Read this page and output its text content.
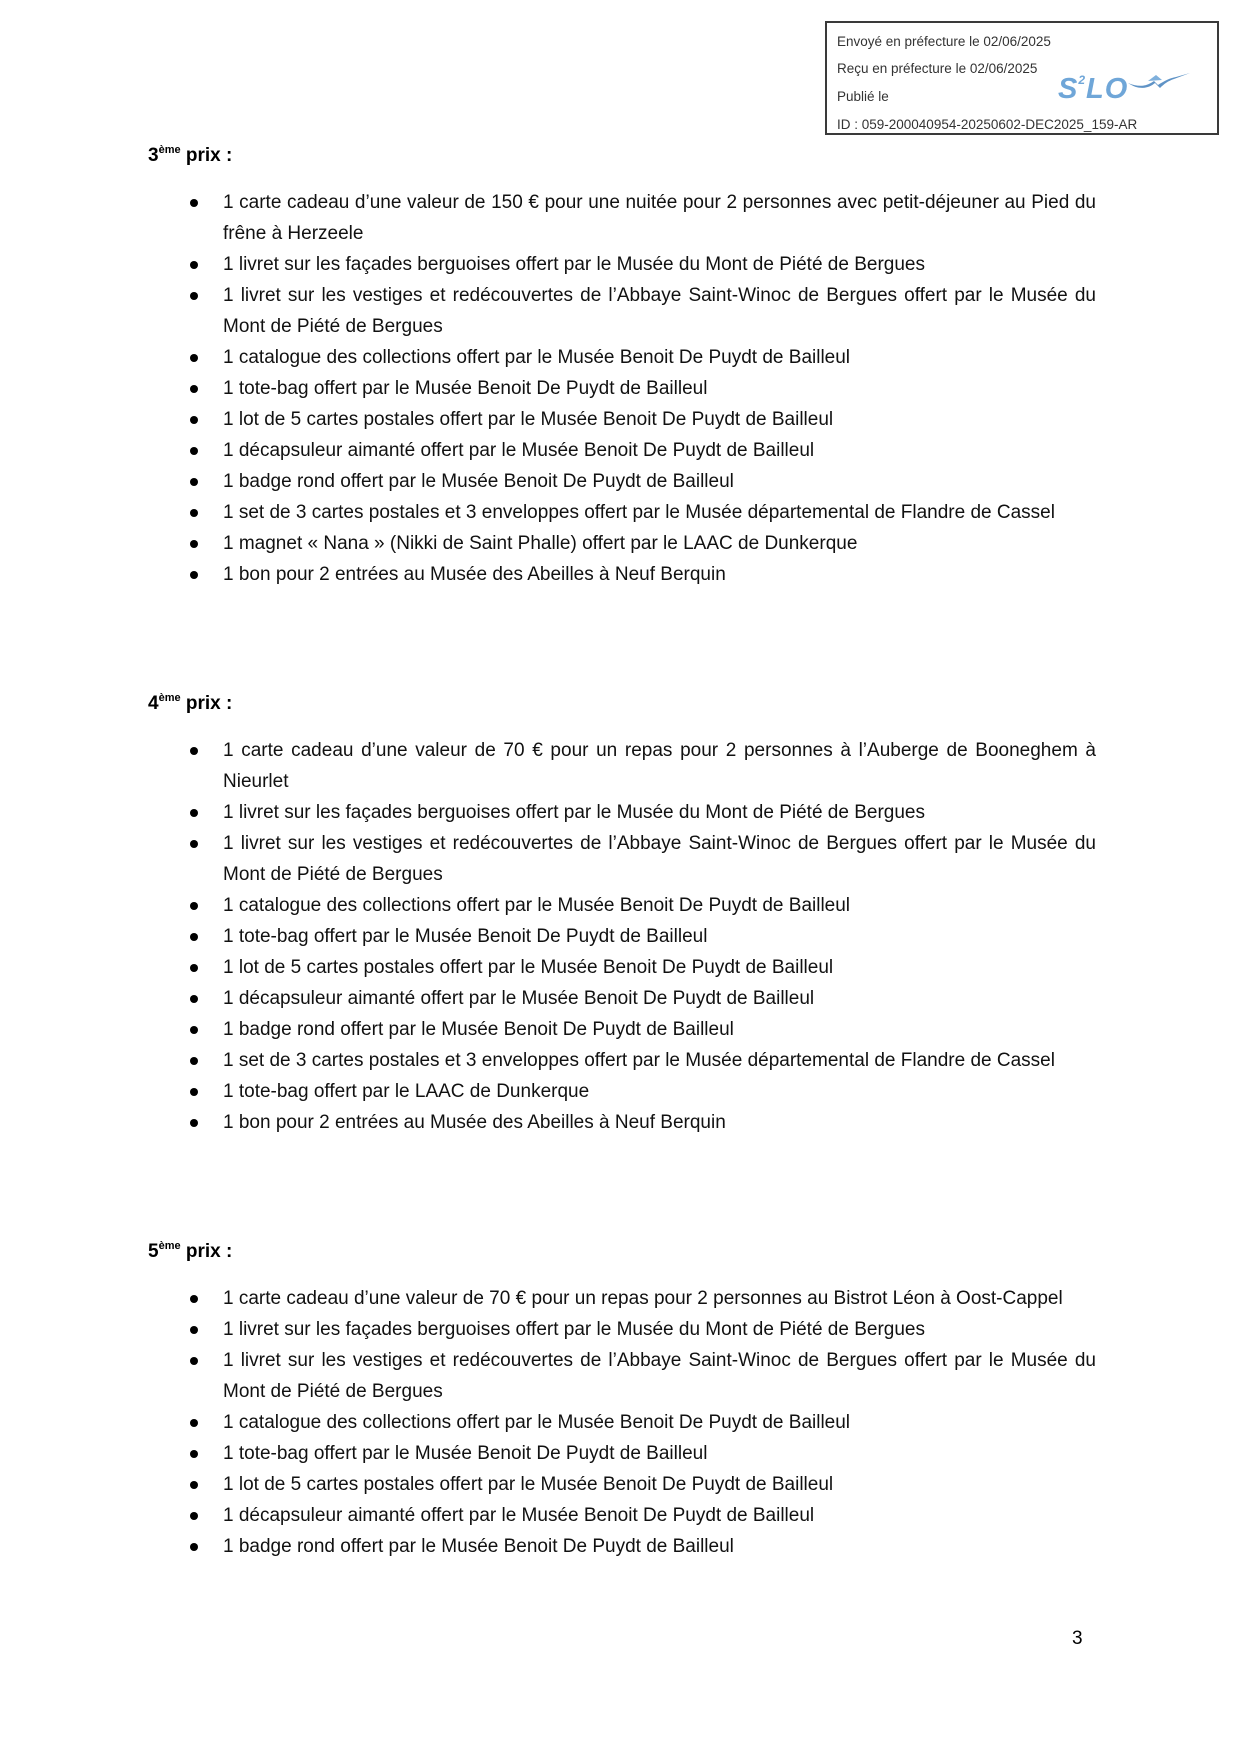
Envoyé en préfecture le 02/06/2025
Reçu en préfecture le 02/06/2025
Publié le
ID : 059-200040954-20250602-DEC2025_159-AR
$S^2LO$
3ème prix :
1 carte cadeau d’une valeur de 150 € pour une nuitée pour 2 personnes avec petit-déjeuner au Pied du frêne à Herzeele
1 livret sur les façades berguoises offert par le Musée du Mont de Piété de Bergues
1 livret sur les vestiges et redécouvertes de l’Abbaye Saint-Winoc de Bergues offert par le Musée du Mont de Piété de Bergues
1 catalogue des collections offert par le Musée Benoit De Puydt de Bailleul
1 tote-bag offert par le Musée Benoit De Puydt de Bailleul
1 lot de 5 cartes postales offert par le Musée Benoit De Puydt de Bailleul
1 décapsuleur aimanté offert par le Musée Benoit De Puydt de Bailleul
1 badge rond offert par le Musée Benoit De Puydt de Bailleul
1 set de 3 cartes postales et 3 enveloppes offert par le Musée départemental de Flandre de Cassel
1 magnet « Nana » (Nikki de Saint Phalle) offert par le LAAC de Dunkerque
1 bon pour 2 entrées au Musée des Abeilles à Neuf Berquin
4ème prix :
1 carte cadeau d’une valeur de 70 € pour un repas pour 2 personnes à l’Auberge de Booneghem à Nieurlet
1 livret sur les façades berguoises offert par le Musée du Mont de Piété de Bergues
1 livret sur les vestiges et redécouvertes de l’Abbaye Saint-Winoc de Bergues offert par le Musée du Mont de Piété de Bergues
1 catalogue des collections offert par le Musée Benoit De Puydt de Bailleul
1 tote-bag offert par le Musée Benoit De Puydt de Bailleul
1 lot de 5 cartes postales offert par le Musée Benoit De Puydt de Bailleul
1 décapsuleur aimanté offert par le Musée Benoit De Puydt de Bailleul
1 badge rond offert par le Musée Benoit De Puydt de Bailleul
1 set de 3 cartes postales et 3 enveloppes offert par le Musée départemental de Flandre de Cassel
1 tote-bag offert par le LAAC de Dunkerque
1 bon pour 2 entrées au Musée des Abeilles à Neuf Berquin
5ème prix :
1 carte cadeau d’une valeur de 70 € pour un repas pour 2 personnes au Bistrot Léon à Oost-Cappel
1 livret sur les façades berguoises offert par le Musée du Mont de Piété de Bergues
1 livret sur les vestiges et redécouvertes de l’Abbaye Saint-Winoc de Bergues offert par le Musée du Mont de Piété de Bergues
1 catalogue des collections offert par le Musée Benoit De Puydt de Bailleul
1 tote-bag offert par le Musée Benoit De Puydt de Bailleul
1 lot de 5 cartes postales offert par le Musée Benoit De Puydt de Bailleul
1 décapsuleur aimanté offert par le Musée Benoit De Puydt de Bailleul
1 badge rond offert par le Musée Benoit De Puydt de Bailleul
3
